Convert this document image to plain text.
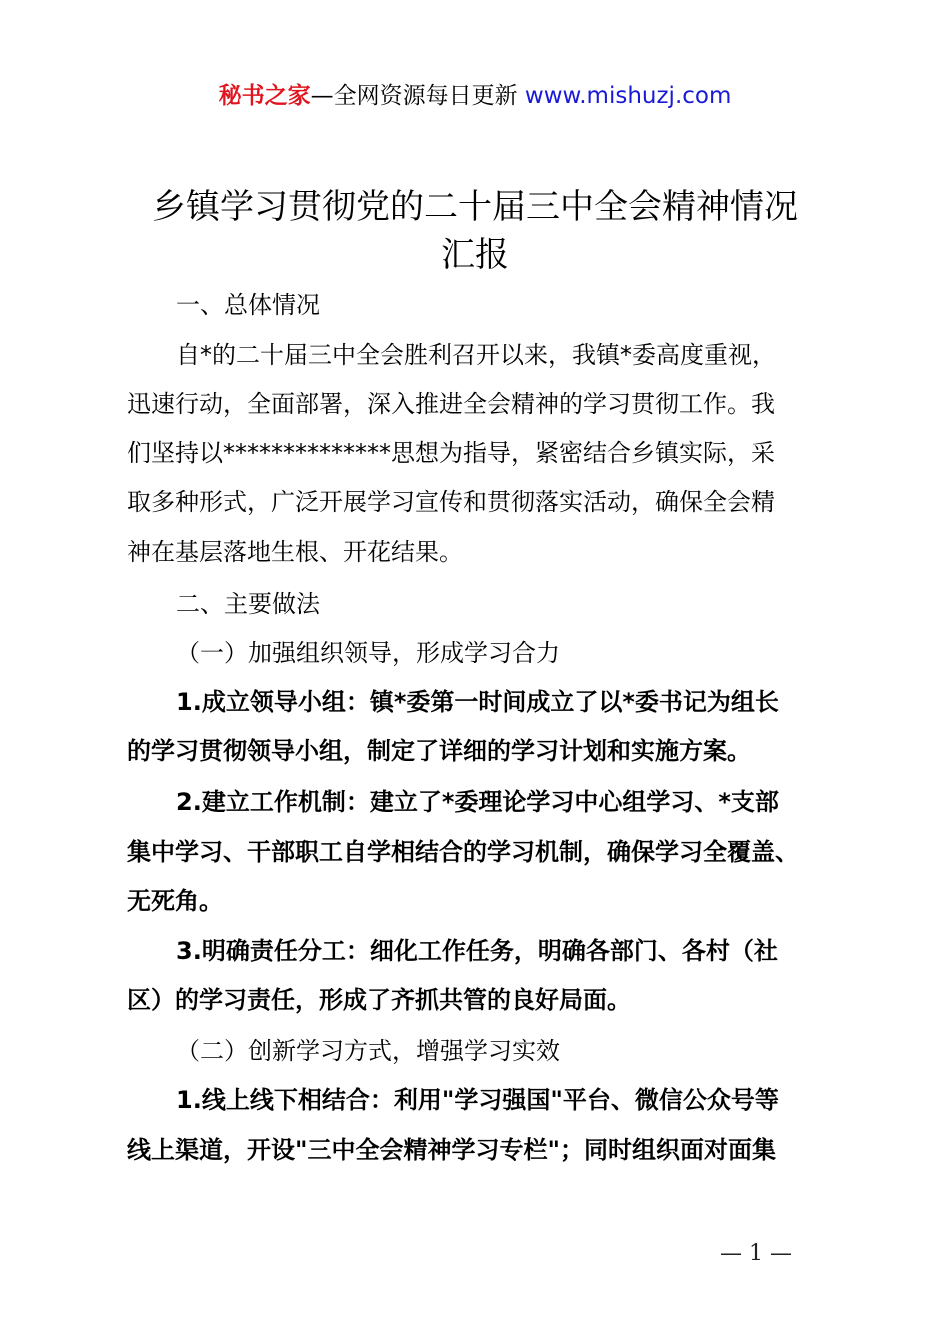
秘书之家—全网资源每日更新 www.mishuzj.com
乡镇学习贯彻党的二十届三中全会精神情况
汇报
一、总体情况
自*的二十届三中全会胜利召开以来，我镇*委高度重视，
迅速行动，全面部署，深入推进全会精神的学习贯彻工作。我
们坚持以**************思想为指导，紧密结合乡镇实际，采
取多种形式，广泛开展学习宣传和贯彻落实活动，确保全会精
神在基层落地生根、开花结果。
二、主要做法
（一）加强组织领导，形成学习合力
1.成立领导小组：镇*委第一时间成立了以*委书记为组长
的学习贯彻领导小组，制定了详细的学习计划和实施方案。
2.建立工作机制：建立了*委理论学习中心组学习、*支部
集中学习、干部职工自学相结合的学习机制，确保学习全覆盖、
无死角。
3.明确责任分工：细化工作任务，明确各部门、各村（社
区）的学习责任，形成了齐抓共管的良好局面。
（二）创新学习方式，增强学习实效
1.线上线下相结合：利用"学习强国"平台、微信公众号等
线上渠道，开设"三中全会精神学习专栏"；同时组织面对面集
— 1 —
